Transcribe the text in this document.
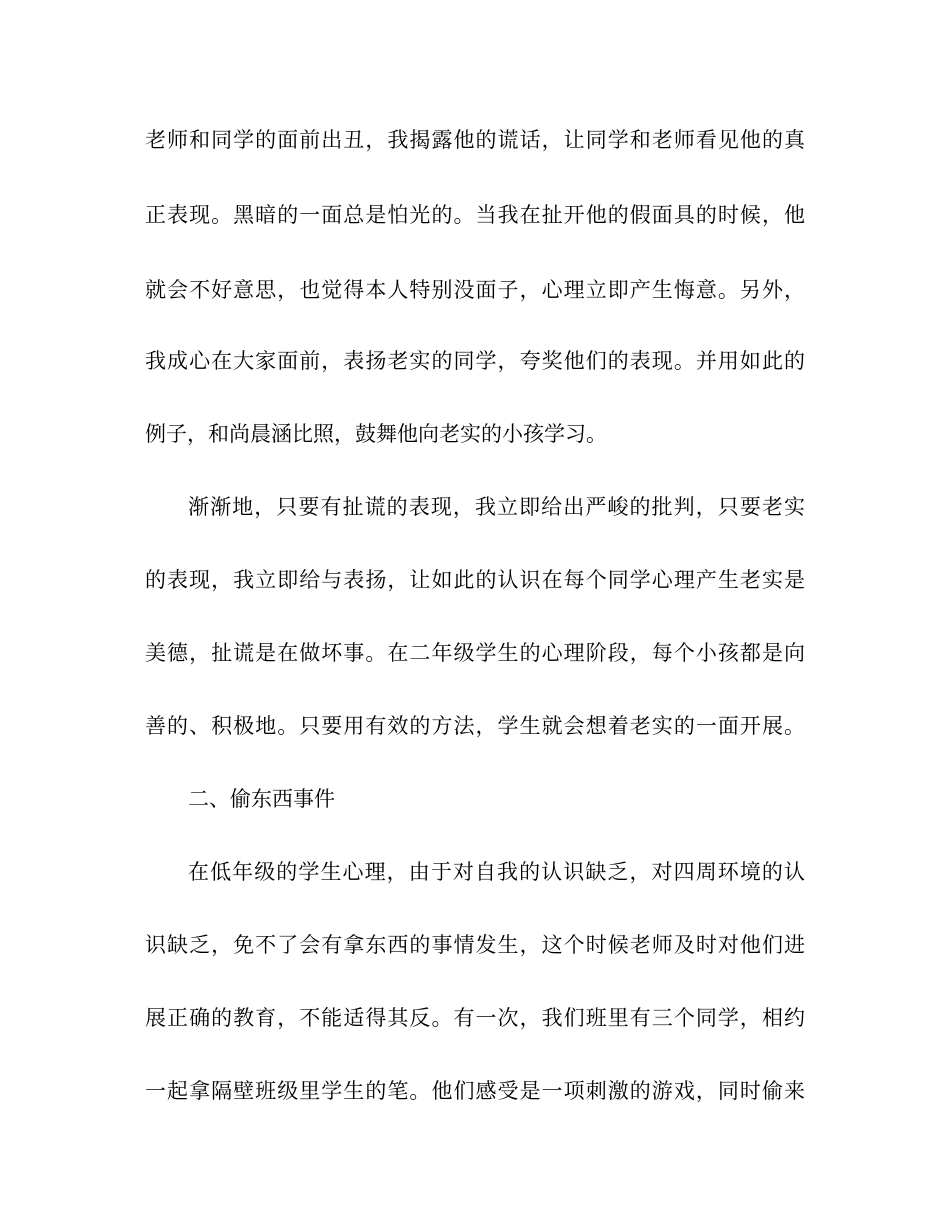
老师和同学的面前出丑，我揭露他的谎话，让同学和老师看见他的真
正表现。黑暗的一面总是怕光的。当我在扯开他的假面具的时候，他
就会不好意思，也觉得本人特别没面子，心理立即产生悔意。另外，
我成心在大家面前，表扬老实的同学，夸奖他们的表现。并用如此的
例子，和尚晨涵比照，鼓舞他向老实的小孩学习。
渐渐地，只要有扯谎的表现，我立即给出严峻的批判，只要老实
的表现，我立即给与表扬，让如此的认识在每个同学心理产生老实是
美德，扯谎是在做坏事。在二年级学生的心理阶段，每个小孩都是向
善的、积极地。只要用有效的方法，学生就会想着老实的一面开展。
二、偷东西事件
在低年级的学生心理，由于对自我的认识缺乏，对四周环境的认
识缺乏，免不了会有拿东西的事情发生，这个时候老师及时对他们进
展正确的教育，不能适得其反。有一次，我们班里有三个同学，相约
一起拿隔壁班级里学生的笔。他们感受是一项刺激的游戏，同时偷来
